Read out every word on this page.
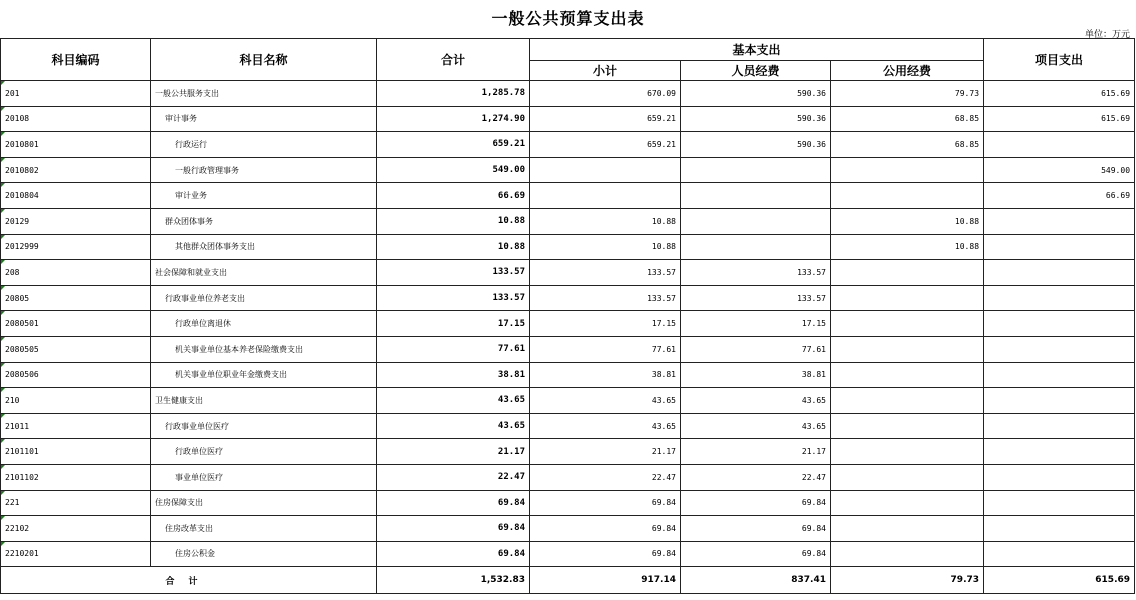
一般公共预算支出表
单位：万元
科目编码	科目名称	合计	基本支出			项目支出
			小计	人员经费	公用经费	
201	一般公共服务支出	1,285.78	670.09	590.36	79.73	615.69
20108	审计事务	1,274.90	659.21	590.36	68.85	615.69
2010801	行政运行	659.21	659.21	590.36	68.85	
2010802	一般行政管理事务	549.00				549.00
2010804	审计业务	66.69				66.69
20129	群众团体事务	10.88	10.88		10.88	
2012999	其他群众团体事务支出	10.88	10.88		10.88	
208	社会保障和就业支出	133.57	133.57	133.57		
20805	行政事业单位养老支出	133.57	133.57	133.57		
2080501	行政单位离退休	17.15	17.15	17.15		
2080505	机关事业单位基本养老保险缴费支出	77.61	77.61	77.61		
2080506	机关事业单位职业年金缴费支出	38.81	38.81	38.81		
210	卫生健康支出	43.65	43.65	43.65		
21011	行政事业单位医疗	43.65	43.65	43.65		
2101101	行政单位医疗	21.17	21.17	21.17		
2101102	事业单位医疗	22.47	22.47	22.47		
221	住房保障支出	69.84	69.84	69.84		
22102	住房改革支出	69.84	69.84	69.84		
2210201	住房公积金	69.84	69.84	69.84		
合计		1,532.83	917.14	837.41	79.73	615.69
